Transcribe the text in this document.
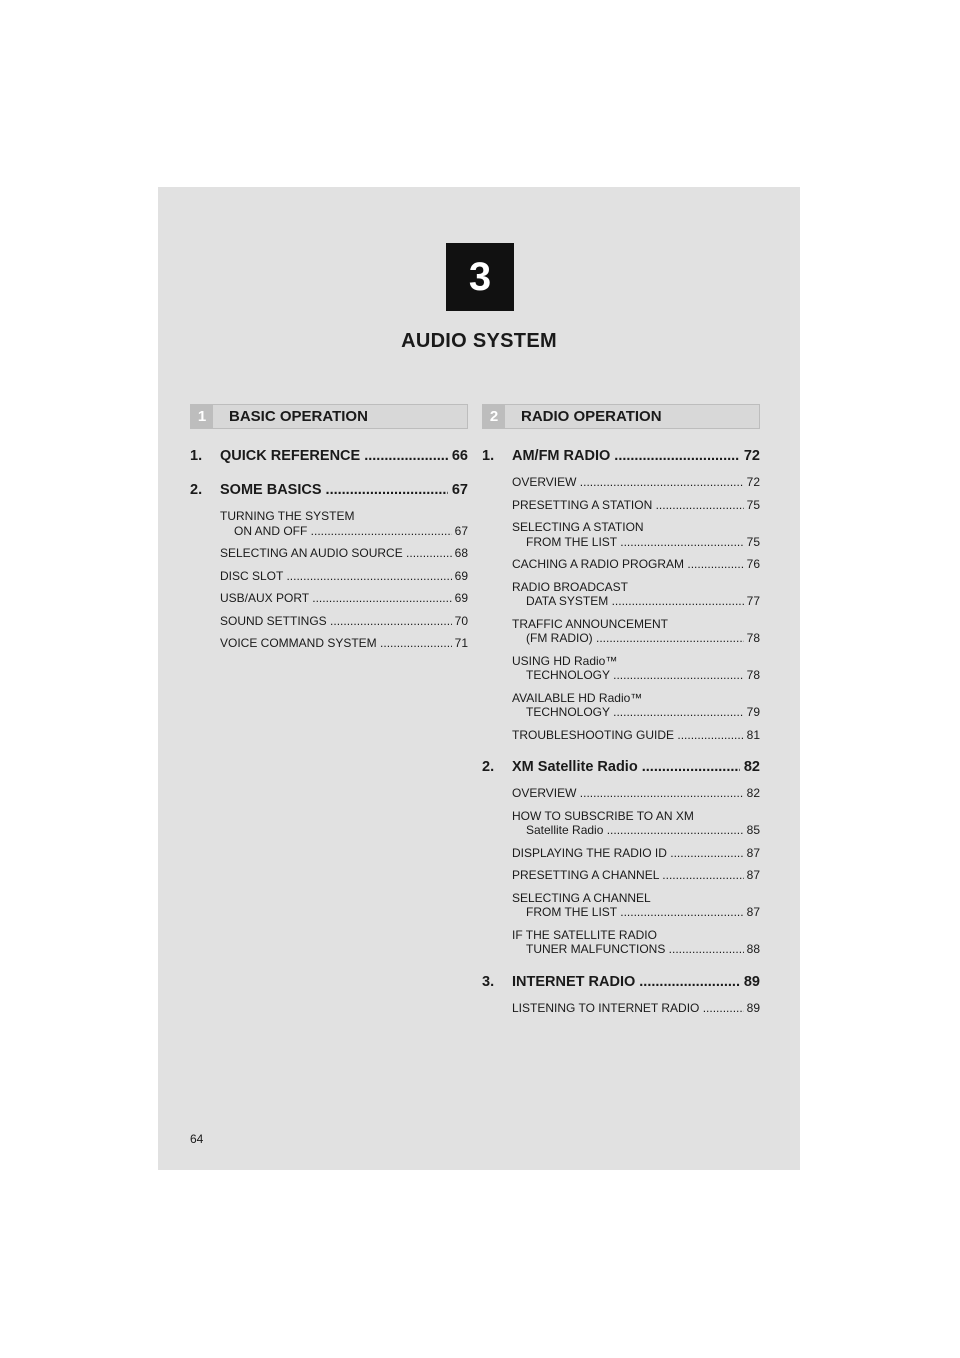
3
AUDIO SYSTEM
1	BASIC OPERATION
1.	QUICK REFERENCE .....	66
2.	SOME BASICS .....	67
TURNING THE SYSTEM
ON AND OFF .....	67
SELECTING AN AUDIO SOURCE .....	68
DISC SLOT .....	69
USB/AUX PORT .....	69
SOUND SETTINGS .....	70
VOICE COMMAND SYSTEM .....	71
2	RADIO OPERATION
1.	AM/FM RADIO .....	72
OVERVIEW .....	72
PRESETTING A STATION .....	75
SELECTING A STATION
FROM THE LIST .....	75
CACHING A RADIO PROGRAM .....	76
RADIO BROADCAST
DATA SYSTEM .....	77
TRAFFIC ANNOUNCEMENT
(FM RADIO) .....	78
USING HD Radio™
TECHNOLOGY .....	78
AVAILABLE HD Radio™
TECHNOLOGY .....	79
TROUBLESHOOTING GUIDE .....	81
2.	XM Satellite Radio .....	82
OVERVIEW .....	82
HOW TO SUBSCRIBE TO AN XM
Satellite Radio .....	85
DISPLAYING THE RADIO ID .....	87
PRESETTING A CHANNEL .....	87
SELECTING A CHANNEL
FROM THE LIST .....	87
IF THE SATELLITE RADIO
TUNER MALFUNCTIONS .....	88
3.	INTERNET RADIO .....	89
LISTENING TO INTERNET RADIO .....	89
64
